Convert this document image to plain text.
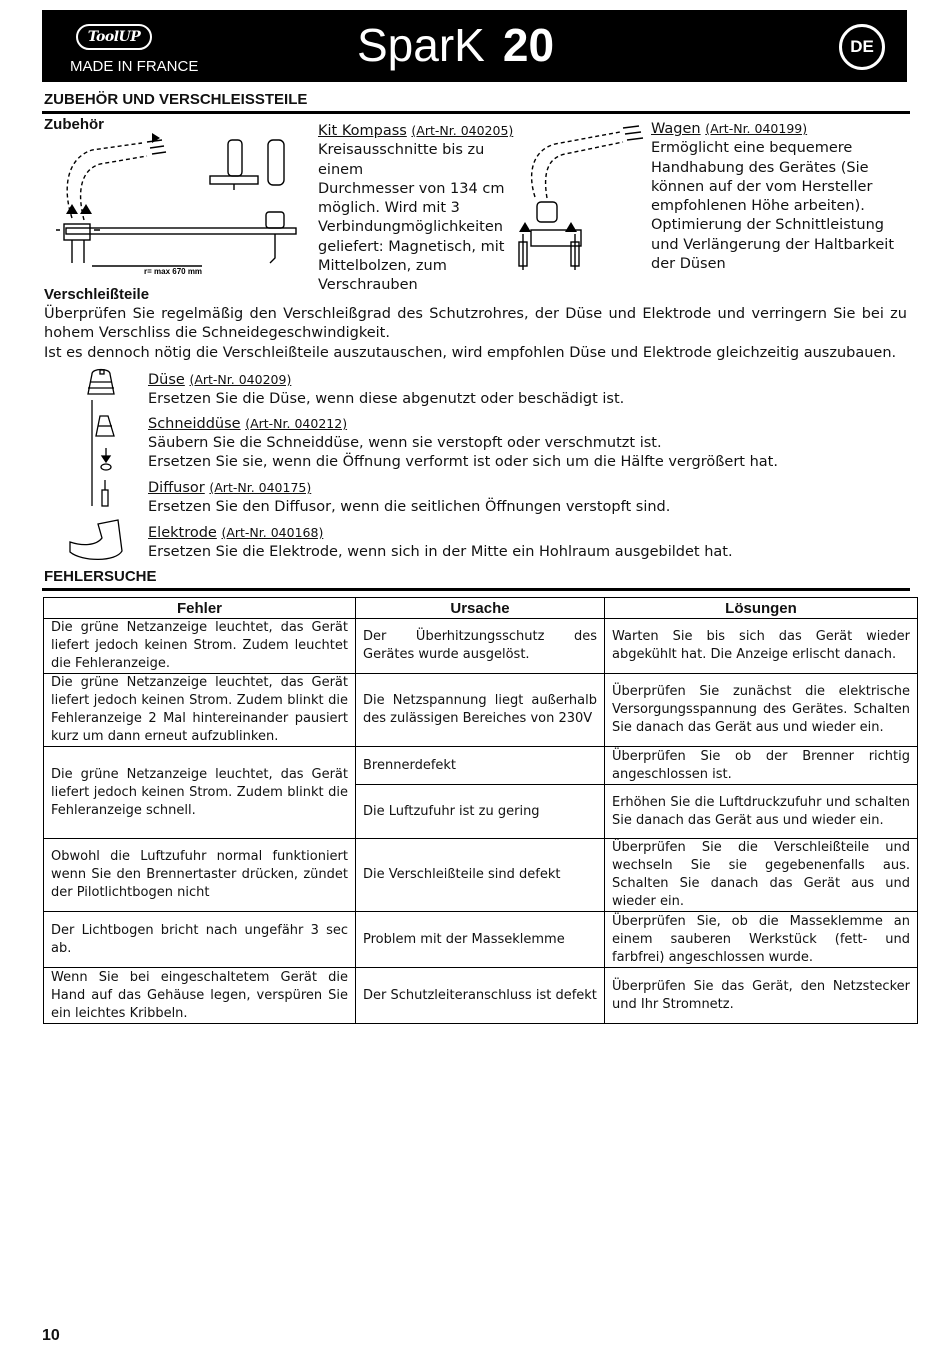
ToolUP
MADE IN FRANCE	SparK 20	DE
ZUBEHÖR UND VERSCHLEISSTEILE
Zubehör
r= max 670 mm
Kit Kompass (Art-Nr. 040205)
Kreisausschnitte bis zu einem
Durchmesser von 134 cm
möglich. Wird mit 3
Verbindungmöglichkeiten
geliefert: Magnetisch, mit
Mittelbolzen, zum
Verschrauben
Wagen (Art-Nr. 040199)
Ermöglicht eine bequemere
Handhabung des Gerätes (Sie
können auf der vom Hersteller
empfohlenen Höhe arbeiten).
Optimierung der Schnittleistung
und Verlängerung der Haltbarkeit
der Düsen
Verschleißteile
Überprüfen Sie regelmäßig den Verschleißgrad des Schutzrohres, der Düse und Elektrode und verringern Sie bei zu hohem Verschliss die Schneidegeschwindigkeit.
Ist es dennoch nötig die Verschleißteile auszutauschen, wird empfohlen Düse und Elektrode gleichzeitig auszubauen.
Düse (Art-Nr. 040209)
Ersetzen Sie die Düse, wenn diese abgenutzt oder beschädigt ist.
Schneiddüse (Art-Nr. 040212)
Säubern Sie die Schneiddüse, wenn sie verstopft oder verschmutzt ist.
Ersetzen Sie sie, wenn die Öffnung verformt ist oder sich um die Hälfte vergrößert hat.
Diffusor (Art-Nr. 040175)
Ersetzen Sie den Diffusor, wenn die seitlichen Öffnungen verstopft sind.
Elektrode (Art-Nr. 040168)
Ersetzen Sie die Elektrode, wenn sich in der Mitte ein Hohlraum ausgebildet hat.
FEHLERSUCHE
Fehler	Ursache	Lösungen
Die grüne Netzanzeige leuchtet, das Gerät liefert jedoch keinen Strom. Zudem leuchtet die Fehleranzeige.	Der Überhitzungsschutz des Gerätes wurde ausgelöst.	Warten Sie bis sich das Gerät wieder abgekühlt hat. Die Anzeige erlischt danach.
Die grüne Netzanzeige leuchtet, das Gerät liefert jedoch keinen Strom. Zudem blinkt die Fehleranzeige 2 Mal hintereinander pausiert kurz um dann erneut aufzublinken.	Die Netzspannung liegt außerhalb des zulässigen Bereiches von 230V	Überprüfen Sie zunächst die elektrische Versorgungsspannung des Gerätes. Schalten Sie danach das Gerät aus und wieder ein.
Die grüne Netzanzeige leuchtet, das Gerät liefert jedoch keinen Strom. Zudem blinkt die Fehleranzeige schnell.	Brennerdefekt	Überprüfen Sie ob der Brenner richtig angeschlossen ist.
	Die Luftzufuhr ist zu gering	Erhöhen Sie die Luftdruckzufuhr und schalten Sie danach das Gerät aus und wieder ein.
Obwohl die Luftzufuhr normal funktioniert wenn Sie den Brennertaster drücken, zündet der Pilotlichtbogen nicht	Die Verschleißteile sind defekt	Überprüfen Sie die Verschleißteile und wechseln Sie sie gegebenenfalls aus. Schalten Sie danach das Gerät aus und wieder ein.
Der Lichtbogen bricht nach ungefähr 3 sec ab.	Problem mit der Masseklemme	Überprüfen Sie, ob die Masseklemme an einem sauberen Werkstück (fett- und farbfrei) angeschlossen wurde.
Wenn Sie bei eingeschaltetem Gerät die Hand auf das Gehäuse legen, verspüren Sie ein leichtes Kribbeln.	Der Schutzleiteranschluss ist defekt	Überprüfen Sie das Gerät, den Netzstecker und Ihr Stromnetz.
10
